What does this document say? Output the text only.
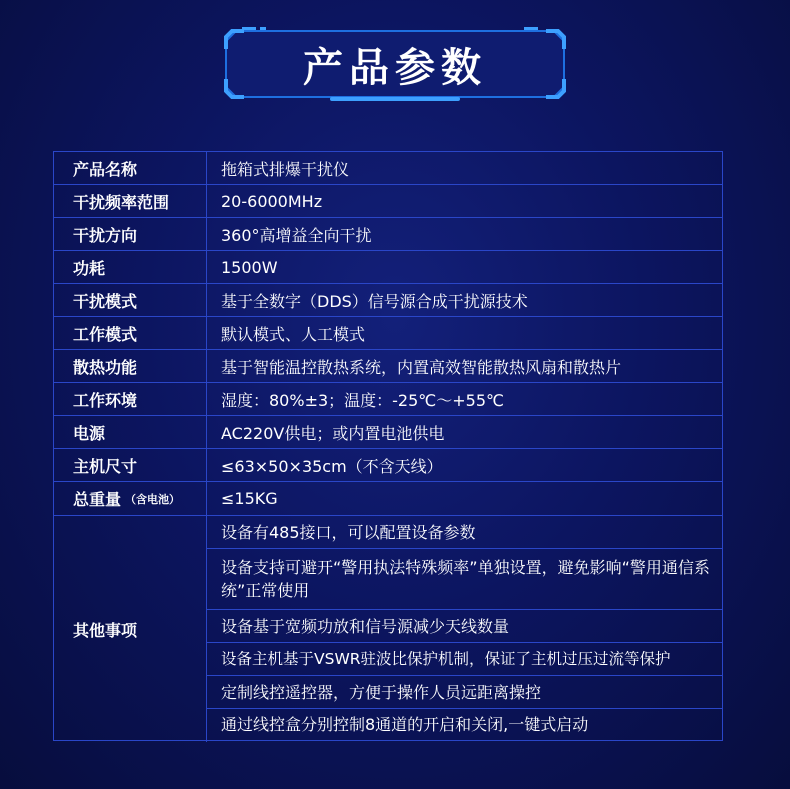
产品参数
产品名称	拖箱式排爆干扰仪
干扰频率范围	20-6000MHz
干扰方向	360°高增益全向干扰
功耗	1500W
干扰模式	基于全数字（DDS）信号源合成干扰源技术
工作模式	默认模式、人工模式
散热功能	基于智能温控散热系统，内置高效智能散热风扇和散热片
工作环境	湿度：80%±3；温度：-25℃～+55℃
电源	AC220V供电；或内置电池供电
主机尺寸	≤63×50×35cm（不含天线）
总重量 （含电池）	≤15KG
其他事项
设备有485接口，可以配置设备参数
设备支持可避开“警用执法特殊频率”单独设置，避免影响“警用通信系统”正常使用
设备基于宽频功放和信号源减少天线数量
设备主机基于VSWR驻波比保护机制，保证了主机过压过流等保护
定制线控遥控器，方便于操作人员远距离操控
通过线控盒分别控制8通道的开启和关闭,一键式启动
